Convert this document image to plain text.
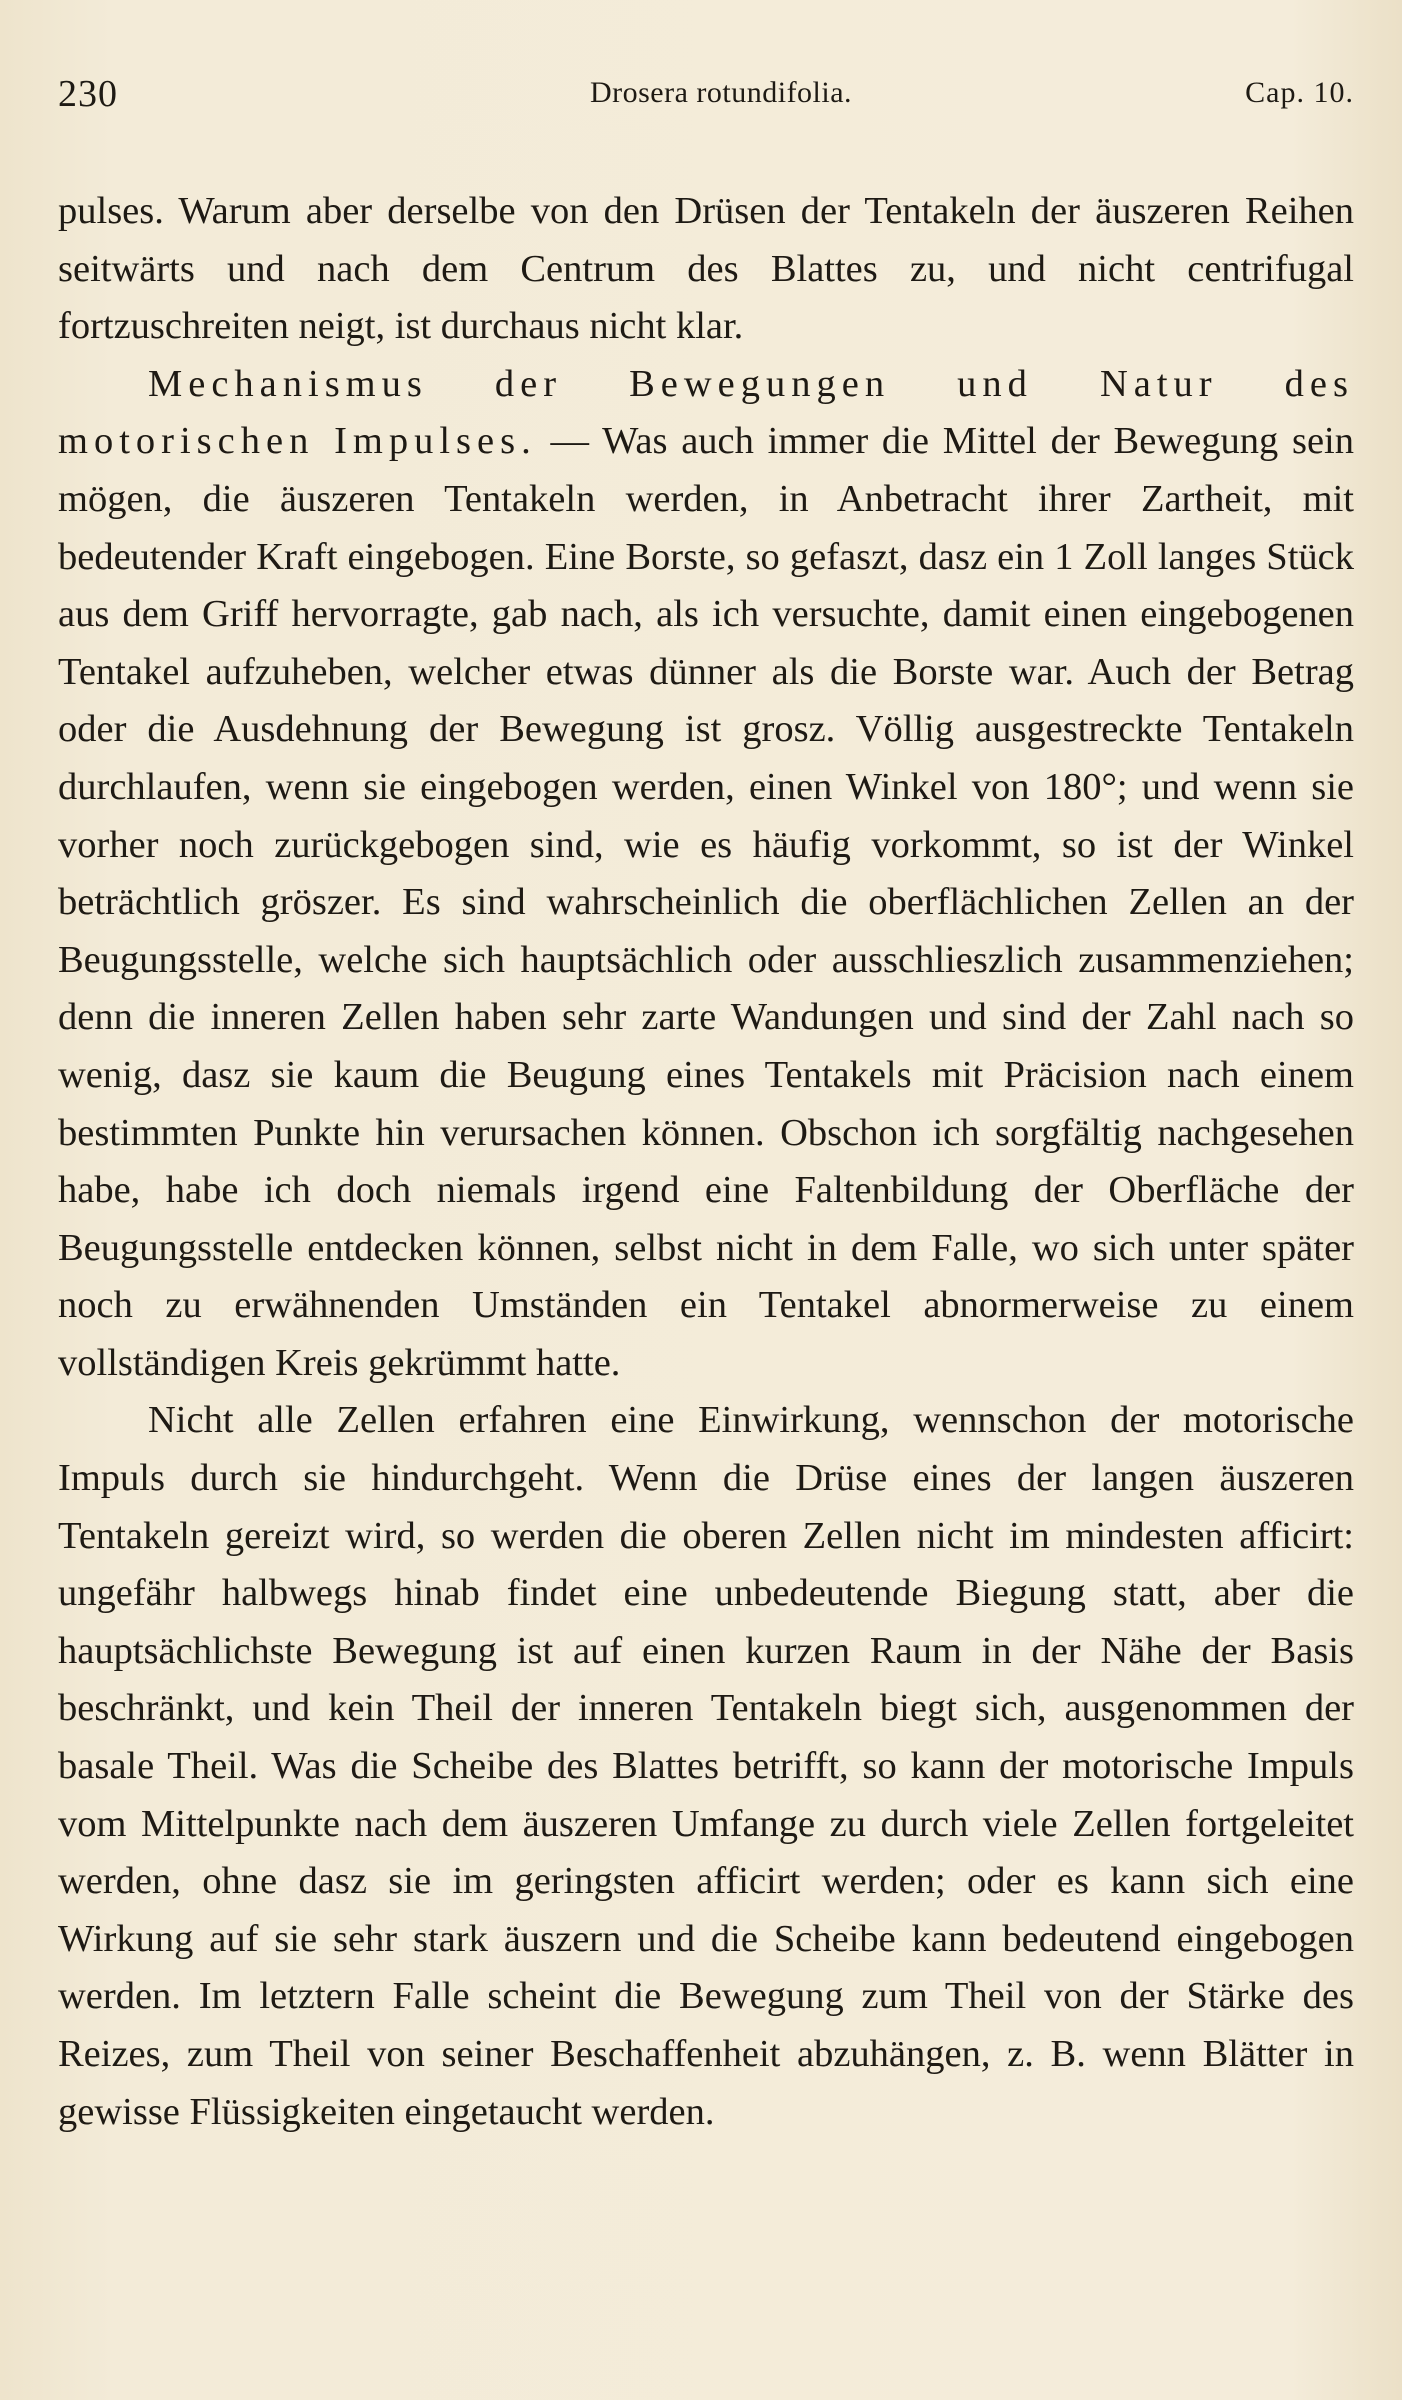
230	Drosera rotundifolia.	Cap. 10.

pulses. Warum aber derselbe von den Drüsen der Tentakeln der äuszeren Reihen seitwärts und nach dem Centrum des Blattes zu, und nicht centrifugal fortzuschreiten neigt, ist durchaus nicht klar.

Mechanismus der Bewegungen und Natur des motorischen Impulses. — Was auch immer die Mittel der Bewegung sein mögen, die äuszeren Tentakeln werden, in Anbetracht ihrer Zartheit, mit bedeutender Kraft eingebogen. Eine Borste, so gefaszt, dasz ein 1 Zoll langes Stück aus dem Griff hervorragte, gab nach, als ich versuchte, damit einen eingebogenen Tentakel aufzuheben, welcher etwas dünner als die Borste war. Auch der Betrag oder die Ausdehnung der Bewegung ist grosz. Völlig ausgestreckte Tentakeln durchlaufen, wenn sie eingebogen werden, einen Winkel von 180°; und wenn sie vorher noch zurückgebogen sind, wie es häufig vorkommt, so ist der Winkel beträchtlich gröszer. Es sind wahrscheinlich die oberflächlichen Zellen an der Beugungsstelle, welche sich hauptsächlich oder ausschlieszlich zusammenziehen; denn die inneren Zellen haben sehr zarte Wandungen und sind der Zahl nach so wenig, dasz sie kaum die Beugung eines Tentakels mit Präcision nach einem bestimmten Punkte hin verursachen können. Obschon ich sorgfältig nachgesehen habe, habe ich doch niemals irgend eine Faltenbildung der Oberfläche der Beugungsstelle entdecken können, selbst nicht in dem Falle, wo sich unter später noch zu erwähnenden Umständen ein Tentakel abnormerweise zu einem vollständigen Kreis gekrümmt hatte.

Nicht alle Zellen erfahren eine Einwirkung, wennschon der motorische Impuls durch sie hindurchgeht. Wenn die Drüse eines der langen äuszeren Tentakeln gereizt wird, so werden die oberen Zellen nicht im mindesten afficirt: ungefähr halbwegs hinab findet eine unbedeutende Biegung statt, aber die hauptsächlichste Bewegung ist auf einen kurzen Raum in der Nähe der Basis beschränkt, und kein Theil der inneren Tentakeln biegt sich, ausgenommen der basale Theil. Was die Scheibe des Blattes betrifft, so kann der motorische Impuls vom Mittelpunkte nach dem äuszeren Umfange zu durch viele Zellen fortgeleitet werden, ohne dasz sie im geringsten afficirt werden; oder es kann sich eine Wirkung auf sie sehr stark äuszern und die Scheibe kann bedeutend eingebogen werden. Im letztern Falle scheint die Bewegung zum Theil von der Stärke des Reizes, zum Theil von seiner Beschaffenheit abzuhängen, z. B. wenn Blätter in gewisse Flüssigkeiten eingetaucht werden.
